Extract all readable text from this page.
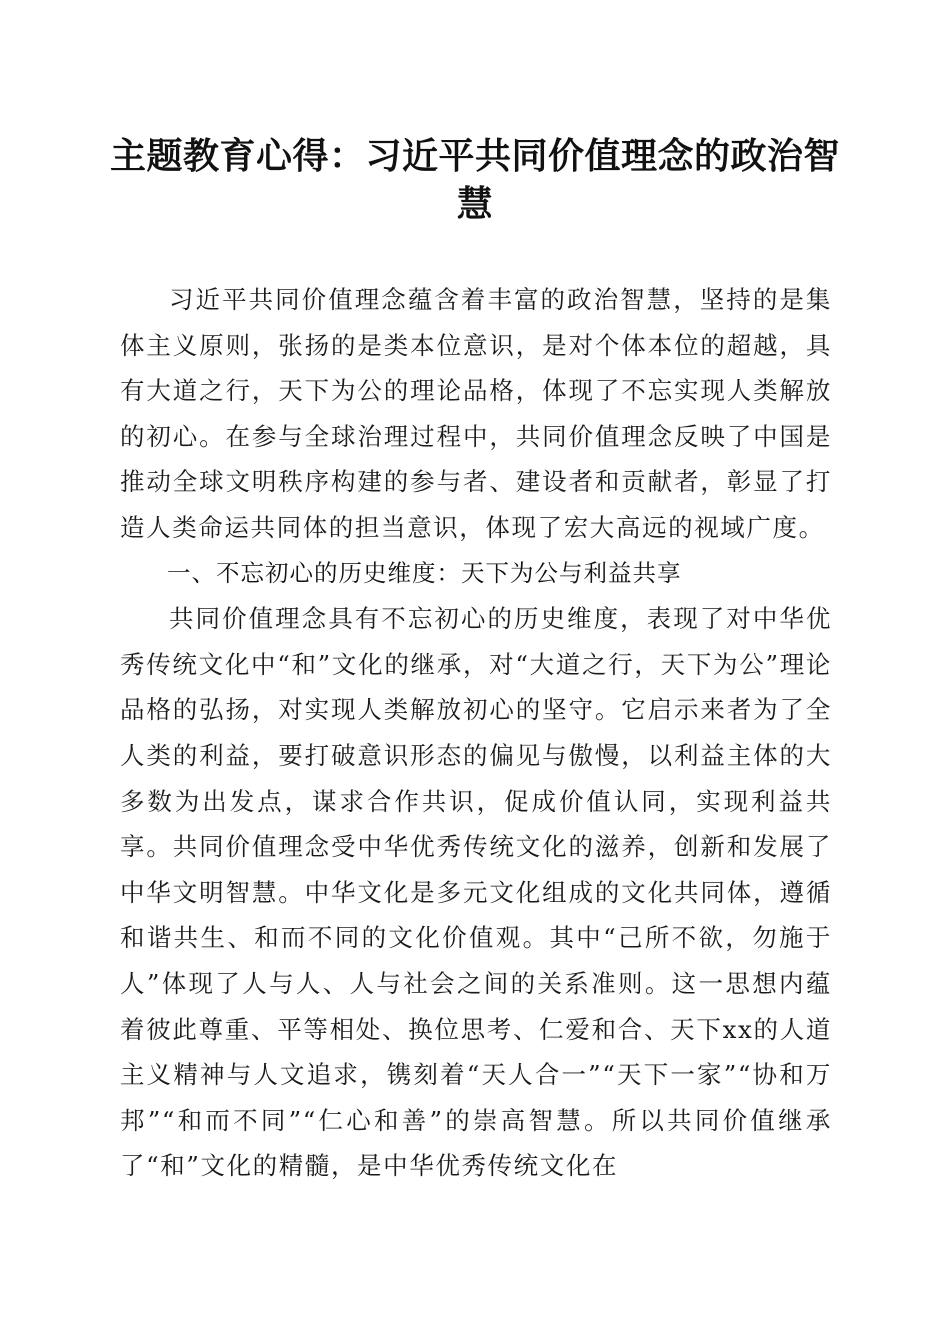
主题教育心得：习近平共同价值理念的政治智慧

习近平共同价值理念蕴含着丰富的政治智慧，坚持的是集体主义原则，张扬的是类本位意识，是对个体本位的超越，具有大道之行，天下为公的理论品格，体现了不忘实现人类解放的初心。在参与全球治理过程中，共同价值理念反映了中国是推动全球文明秩序构建的参与者、建设者和贡献者，彰显了打造人类命运共同体的担当意识，体现了宏大高远的视域广度。

一、不忘初心的历史维度：天下为公与利益共享

共同价值理念具有不忘初心的历史维度，表现了对中华优秀传统文化中“和”文化的继承，对“大道之行，天下为公”理论品格的弘扬，对实现人类解放初心的坚守。它启示来者为了全人类的利益，要打破意识形态的偏见与傲慢，以利益主体的大多数为出发点，谋求合作共识，促成价值认同，实现利益共享。共同价值理念受中华优秀传统文化的滋养，创新和发展了中华文明智慧。中华文化是多元文化组成的文化共同体，遵循和谐共生、和而不同的文化价值观。其中“己所不欲，勿施于人”体现了人与人、人与社会之间的关系准则。这一思想内蕴着彼此尊重、平等相处、换位思考、仁爱和合、天下xx的人道主义精神与人文追求，镌刻着“天人合一”“天下一家”“协和万邦”“和而不同”“仁心和善”的崇高智慧。所以共同价值继承了“和”文化的精髓，是中华优秀传统文化在
